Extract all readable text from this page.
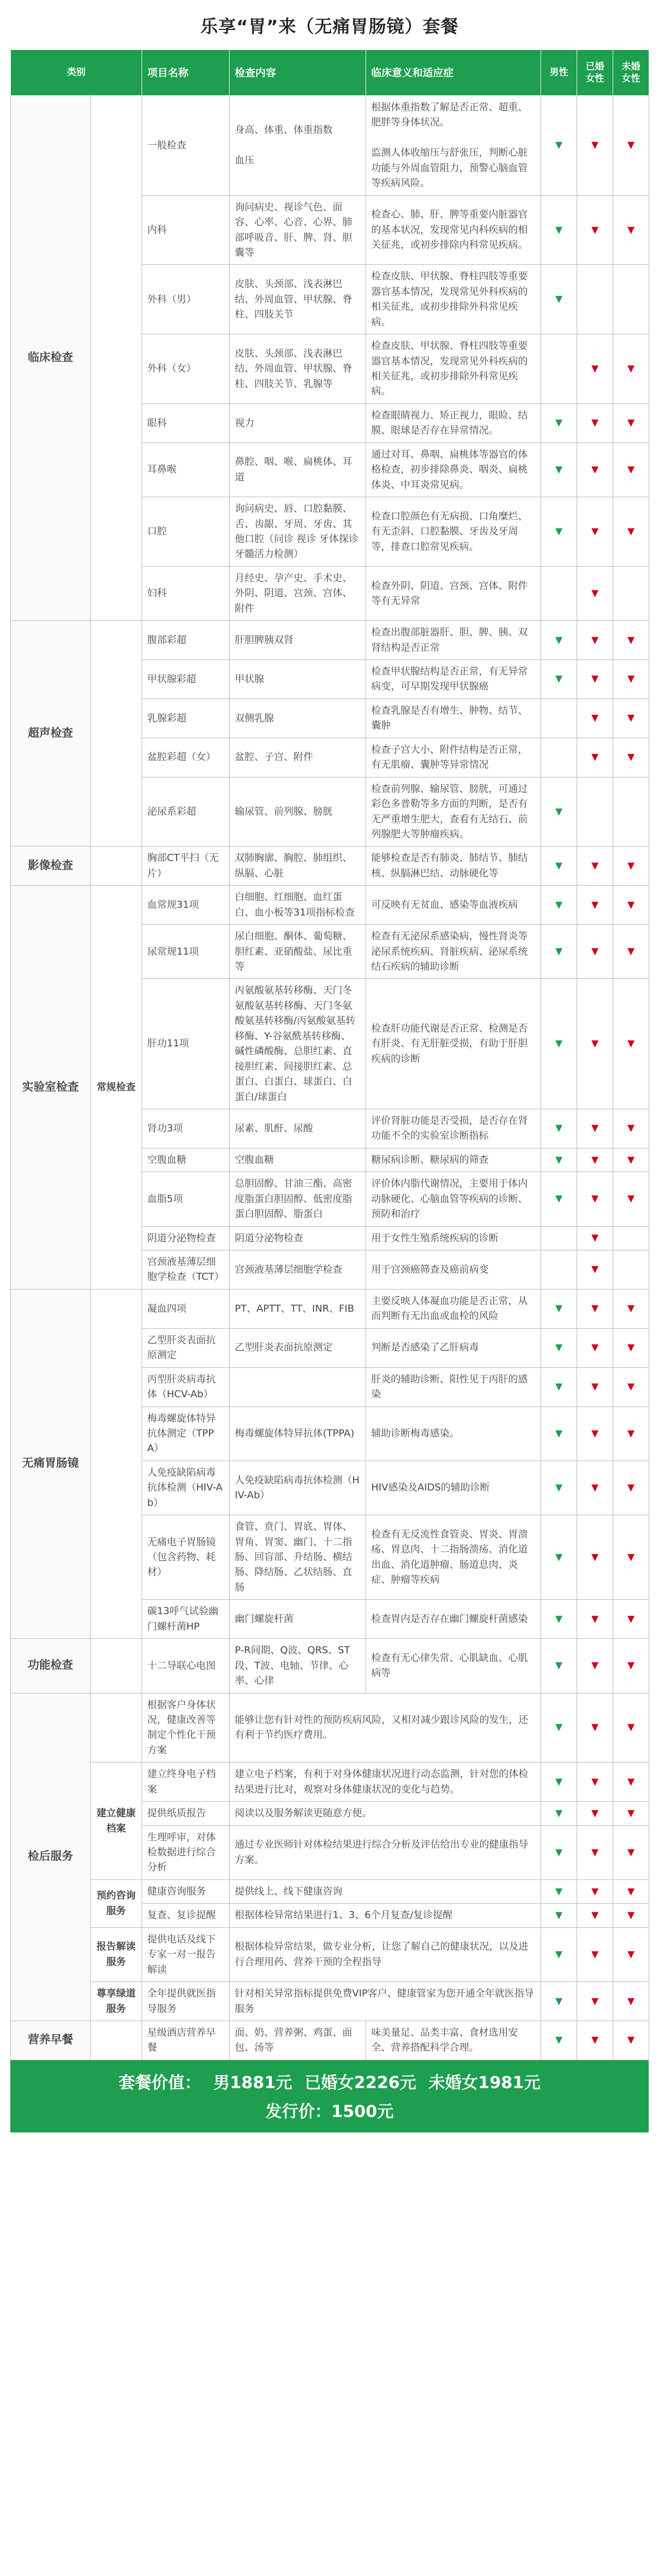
乐享“胃”来（无痛胃肠镜）套餐
类别		项目名称	检查内容	临床意义和适应症	男性	已婚女性	未婚女性
临床检查		一般检查	身高、体重、体重指数

血压	根据体重指数了解是否正常、超重、肥胖等身体状况。

监测人体收缩压与舒张压，判断心脏功能与外周血管阻力，预警心脑血管等疾病风险。	▼	▼	▼
		内科	询问病史、视诊气色、面容、心率、心音、心界、肺部呼吸音、肝、脾、肾、胆囊等	检查心、肺、肝、脾等重要内脏器官的基本状况，发现常见内科疾病的相关征兆，或初步排除内科常见疾病。	▼	▼	▼
		外科（男）	皮肤、头颈部、浅表淋巴结、外周血管、甲状腺、脊柱、四肢关节	检查皮肤、甲状腺、脊柱四肢等重要器官基本情况，发现常见外科疾病的相关征兆，或初步排除外科常见疾病。	▼		
		外科（女）	皮肤、头颈部、浅表淋巴结、外周血管、甲状腺、脊柱、四肢关节、乳腺等	检查皮肤、甲状腺、脊柱四肢等重要器官基本情况，发现常见外科疾病的相关征兆，或初步排除外科常见疾病。		▼	▼
		眼科	视力	检查眼睛视力、矫正视力，眼睑、结膜、眼球是否存在异常情况。	▼	▼	▼
		耳鼻喉	鼻腔、咽、喉、扁桃体、耳道	通过对耳、鼻咽、扁桃体等器官的体格检查，初步排除鼻炎、咽炎、扁桃体炎、中耳炎常见病。	▼	▼	▼
		口腔	询问病史、唇、口腔黏膜、舌、齿龈、牙周、牙齿、其他口腔（问诊 视诊 牙体探诊 牙髓活力检测）	检查口腔颜色有无病损、口角糜烂、有无歪斜、口腔黏膜、牙齿及牙周等，排查口腔常见疾病。	▼	▼	▼
		妇科	月经史、孕产史、手术史、外阴、阴道、宫颈、宫体、附件	检查外阴、阴道、宫颈、宫体、附件等有无异常		▼	
超声检查		腹部彩超	肝胆脾胰双肾	检查出腹部脏器肝、胆、脾、胰、双肾结构是否正常	▼	▼	▼
		甲状腺彩超	甲状腺	检查甲状腺结构是否正常，有无异常病变，可早期发现甲状腺癌	▼	▼	▼
		乳腺彩超	双侧乳腺	检查乳腺是否有增生、肿物、结节、囊肿		▼	▼
		盆腔彩超（女）	盆腔、子宫、附件	检查子宫大小、附件结构是否正常，有无肌瘤、囊肿等异常情况		▼	▼
		泌尿系彩超	输尿管、前列腺、膀胱	检查前列腺、输尿管、膀胱，可通过彩色多普勒等多方面的判断，是否有无严重增生肥大，查看有无结石、前列腺肥大等肿瘤疾病。	▼		
影像检查		胸部CT平扫（无片）	双肺胸廓、胸腔、肺组织、纵膈、心脏	能够检查是否有肺炎、肺结节、肺结核、纵膈淋巴结、动脉硬化等	▼	▼	▼
实验室检查	常规检查	血常规31项	白细胞、红细胞、血红蛋白、血小板等31项指标检查	可反映有无贫血、感染等血液疾病	▼	▼	▼
		尿常规11项	尿白细胞、酮体、葡萄糖、胆红素、亚硝酸盐、尿比重等	检查有无泌尿系感染病，慢性肾炎等泌尿系统疾病、肾脏疾病、泌尿系统结石疾病的辅助诊断	▼	▼	▼
		肝功11项	丙氨酸氨基转移酶、天门冬氨酸氨基转移酶、天门冬氨酸氨基转移酶/丙氨酸氨基转移酶、Y-谷氨酰基转移酶、碱性磷酸酶、总胆红素、直接胆红素、间接胆红素、总蛋白、白蛋白、球蛋白、白蛋白/球蛋白	检查肝功能代谢是否正常、检测是否有肝炎、有无肝脏受损，有助于肝胆疾病的诊断	▼	▼	▼
		肾功3项	尿素、肌酐、尿酸	评价肾脏功能是否受损，是否存在肾功能不全的实验室诊断指标	▼	▼	▼
		空腹血糖	空腹血糖	糖尿病诊断、糖尿病的筛查	▼	▼	▼
		血脂5项	总胆固醇、甘油三酯、高密度脂蛋白胆固醇、低密度脂蛋白胆固醇、脂蛋白	评价体内脂代谢情况，主要用于体内动脉硬化、心脑血管等疾病的诊断、预防和治疗	▼	▼	▼
		阴道分泌物检查	阴道分泌物检查	用于女性生殖系统疾病的诊断		▼	
		宫颈液基薄层细胞学检查（TCT）	宫颈液基薄层细胞学检查	用于宫颈癌筛查及癌前病变		▼	
无痛胃肠镜		凝血四项	PT、APTT、TT、INR、FIB	主要反映人体凝血功能是否正常，从而判断有无出血或血栓的风险	▼	▼	▼
		乙型肝炎表面抗原测定	乙型肝炎表面抗原测定	判断是否感染了乙肝病毒	▼	▼	▼
		丙型肝炎病毒抗体（HCV-Ab）		肝炎的辅助诊断、阳性见于丙肝的感染	▼	▼	▼
		梅毒螺旋体特异抗体测定（TPPA）	梅毒螺旋体特异抗体(TPPA)	辅助诊断梅毒感染。	▼	▼	▼
		人免疫缺陷病毒抗体检测（HIV-Ab）	人免疫缺陷病毒抗体检测（HIV-Ab）	HIV感染及AIDS的辅助诊断	▼	▼	▼
		无痛电子胃肠镜（包含药物、耗材）	食管、贲门、胃底、胃体、胃角、胃窦、幽门、十二指肠、回盲部、升结肠、横结肠、降结肠、乙状结肠、直肠	检查有无反流性食管炎、胃炎、胃溃疡、胃息肉、十二指肠溃疡、消化道出血、消化道肿瘤、肠道息肉、炎症、肿瘤等疾病	▼	▼	▼
		碳13呼气试验幽门螺杆菌HP	幽门螺旋杆菌	检查胃内是否存在幽门螺旋杆菌感染	▼	▼	▼
功能检查		十二导联心电图	P-R间期、Q波、QRS、ST段、T波、电轴、节律、心率、心律	检查有无心律失常、心肌缺血、心肌病等	▼	▼	▼
检后服务		根据客户身体状况，健康改善等制定个性化干预方案	能够让您有针对性的预防疾病风险，又相对减少跟诊风险的发生，还有利于节约医疗费用。		▼	▼	▼
	建立健康档案	建立终身电子档案	建立电子档案，有利于对身体健康状况进行动态监测，针对您的体检结果进行比对，观察对身体健康状况的变化与趋势。		▼	▼	▼
		提供纸质报告	阅读以及服务解读更随意方便。		▼	▼	▼
		生理呼审，对体检数据进行综合分析	通过专业医师针对体检结果进行综合分析及评估给出专业的健康指导方案。		▼	▼	▼
	预约咨询服务	健康咨询服务	提供线上、线下健康咨询		▼	▼	▼
		复查、复诊提醒	根据体检异常结果进行1、3、6个月复查/复诊提醒		▼	▼	▼
	报告解读服务	提供电话及线下专家一对一报告解读	根据体检异常结果，做专业分析，让您了解自己的健康状况，以及进行合理用药、营养干预的全程指导		▼	▼	▼
	尊享绿道服务	全年提供就医指导服务	针对相关异常指标提供免费VIP客户、健康管家为您开通全年就医指导服务		▼	▼	▼
营养早餐		星级酒店营养早餐	面、奶、营养粥、鸡蛋、面包、汤等	味美量足、品类丰富、食材选用安全、营养搭配科学合理。	▼	▼	▼
套餐价值： 男1881元 已婚女2226元 未婚女1981元
发行价：1500元
